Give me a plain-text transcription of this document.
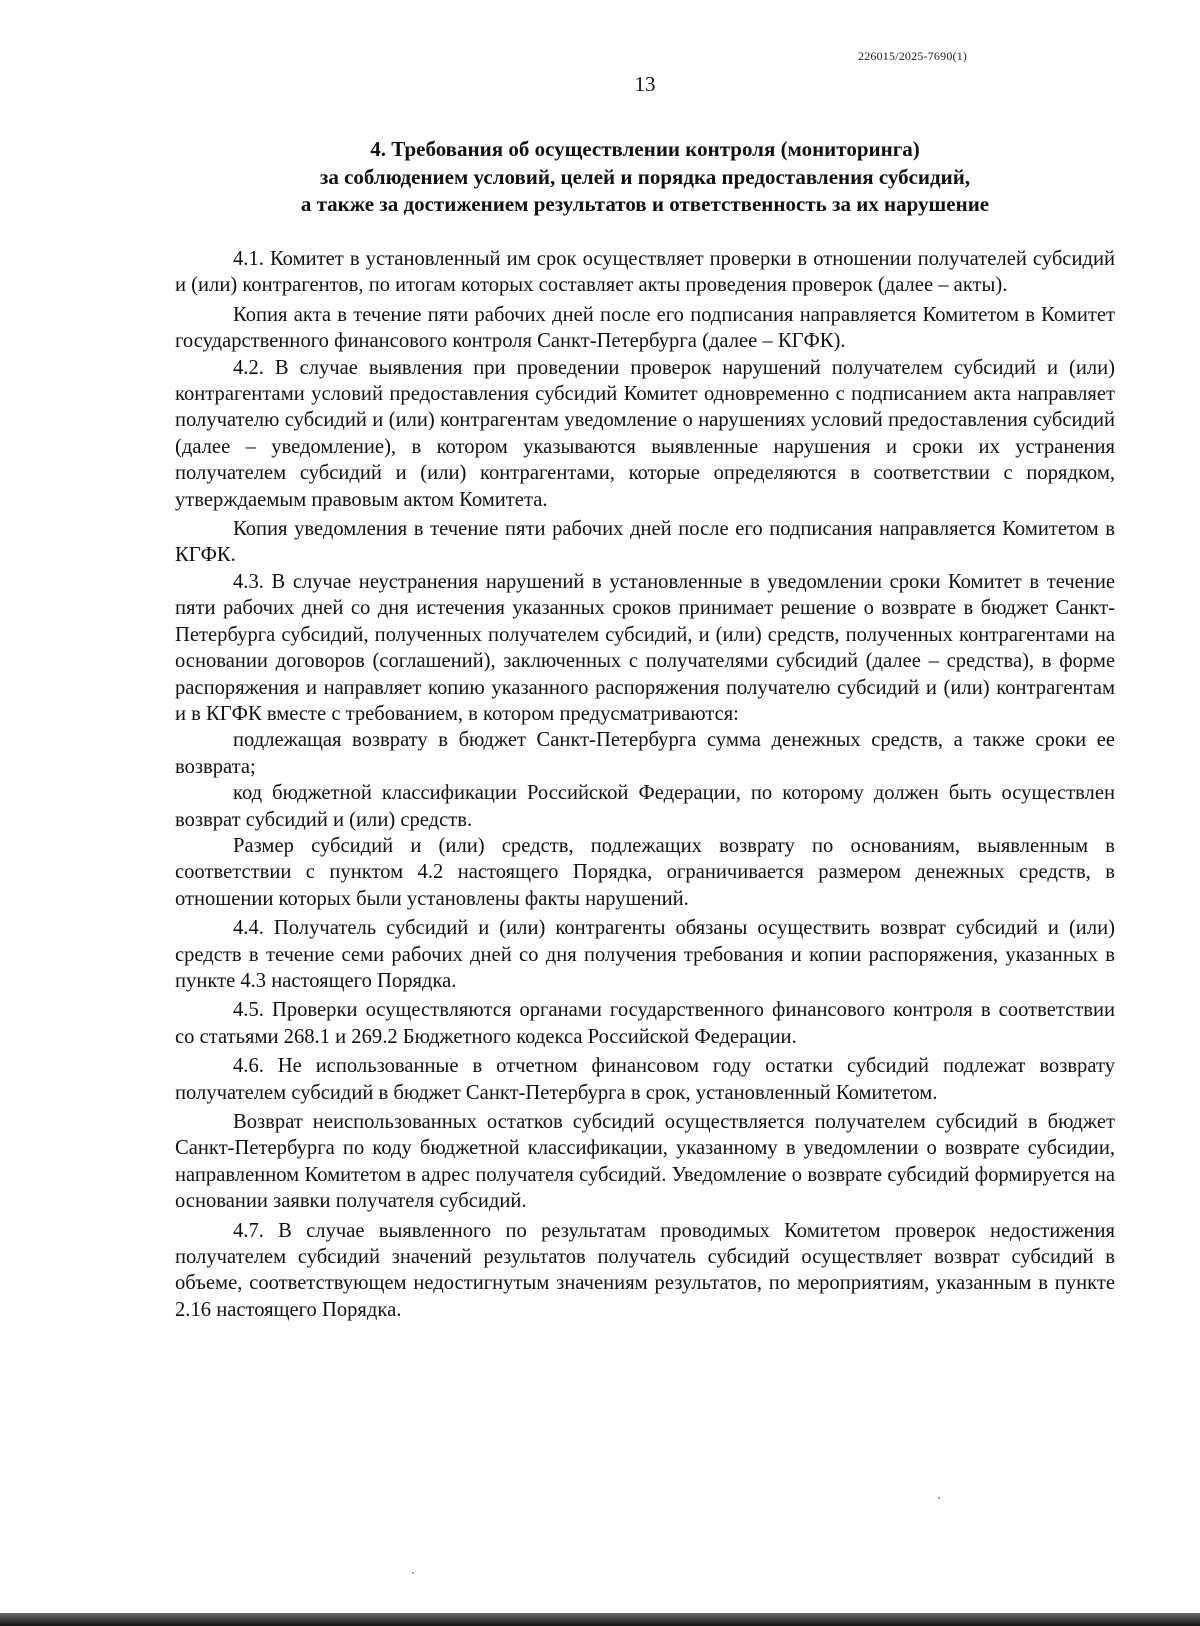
226015/2025-7690(1)
13
4. Требования об осуществлении контроля (мониторинга)
за соблюдением условий, целей и порядка предоставления субсидий,
а также за достижением результатов и ответственность за их нарушение

4.1. Комитет в установленный им срок осуществляет проверки в отношении получателей субсидий и (или) контрагентов, по итогам которых составляет акты проведения проверок (далее – акты).

Копия акта в течение пяти рабочих дней после его подписания направляется Комитетом в Комитет государственного финансового контроля Санкт-Петербурга (далее – КГФК).

4.2. В случае выявления при проведении проверок нарушений получателем субсидий и (или) контрагентами условий предоставления субсидий Комитет одновременно с подписанием акта направляет получателю субсидий и (или) контрагентам уведомление о нарушениях условий предоставления субсидий (далее – уведомление), в котором указываются выявленные нарушения и сроки их устранения получателем субсидий и (или) контрагентами, которые определяются в соответствии с порядком, утверждаемым правовым актом Комитета.

Копия уведомления в течение пяти рабочих дней после его подписания направляется Комитетом в КГФК.

4.3. В случае неустранения нарушений в установленные в уведомлении сроки Комитет в течение пяти рабочих дней со дня истечения указанных сроков принимает решение о возврате в бюджет Санкт-Петербурга субсидий, полученных получателем субсидий, и (или) средств, полученных контрагентами на основании договоров (соглашений), заключенных с получателями субсидий (далее – средства), в форме распоряжения и направляет копию указанного распоряжения получателю субсидий и (или) контрагентам и в КГФК вместе с требованием, в котором предусматриваются:

подлежащая возврату в бюджет Санкт-Петербурга сумма денежных средств, а также сроки ее возврата;

код бюджетной классификации Российской Федерации, по которому должен быть осуществлен возврат субсидий и (или) средств.

Размер субсидий и (или) средств, подлежащих возврату по основаниям, выявленным в соответствии с пунктом 4.2 настоящего Порядка, ограничивается размером денежных средств, в отношении которых были установлены факты нарушений.

4.4. Получатель субсидий и (или) контрагенты обязаны осуществить возврат субсидий и (или) средств в течение семи рабочих дней со дня получения требования и копии распоряжения, указанных в пункте 4.3 настоящего Порядка.

4.5. Проверки осуществляются органами государственного финансового контроля в соответствии со статьями 268.1 и 269.2 Бюджетного кодекса Российской Федерации.

4.6. Не использованные в отчетном финансовом году остатки субсидий подлежат возврату получателем субсидий в бюджет Санкт-Петербурга в срок, установленный Комитетом.

Возврат неиспользованных остатков субсидий осуществляется получателем субсидий в бюджет Санкт-Петербурга по коду бюджетной классификации, указанному в уведомлении о возврате субсидии, направленном Комитетом в адрес получателя субсидий. Уведомление о возврате субсидий формируется на основании заявки получателя субсидий.

4.7. В случае выявленного по результатам проводимых Комитетом проверок недостижения получателем субсидий значений результатов получатель субсидий осуществляет возврат субсидий в объеме, соответствующем недостигнутым значениям результатов, по мероприятиям, указанным в пункте 2.16 настоящего Порядка.
